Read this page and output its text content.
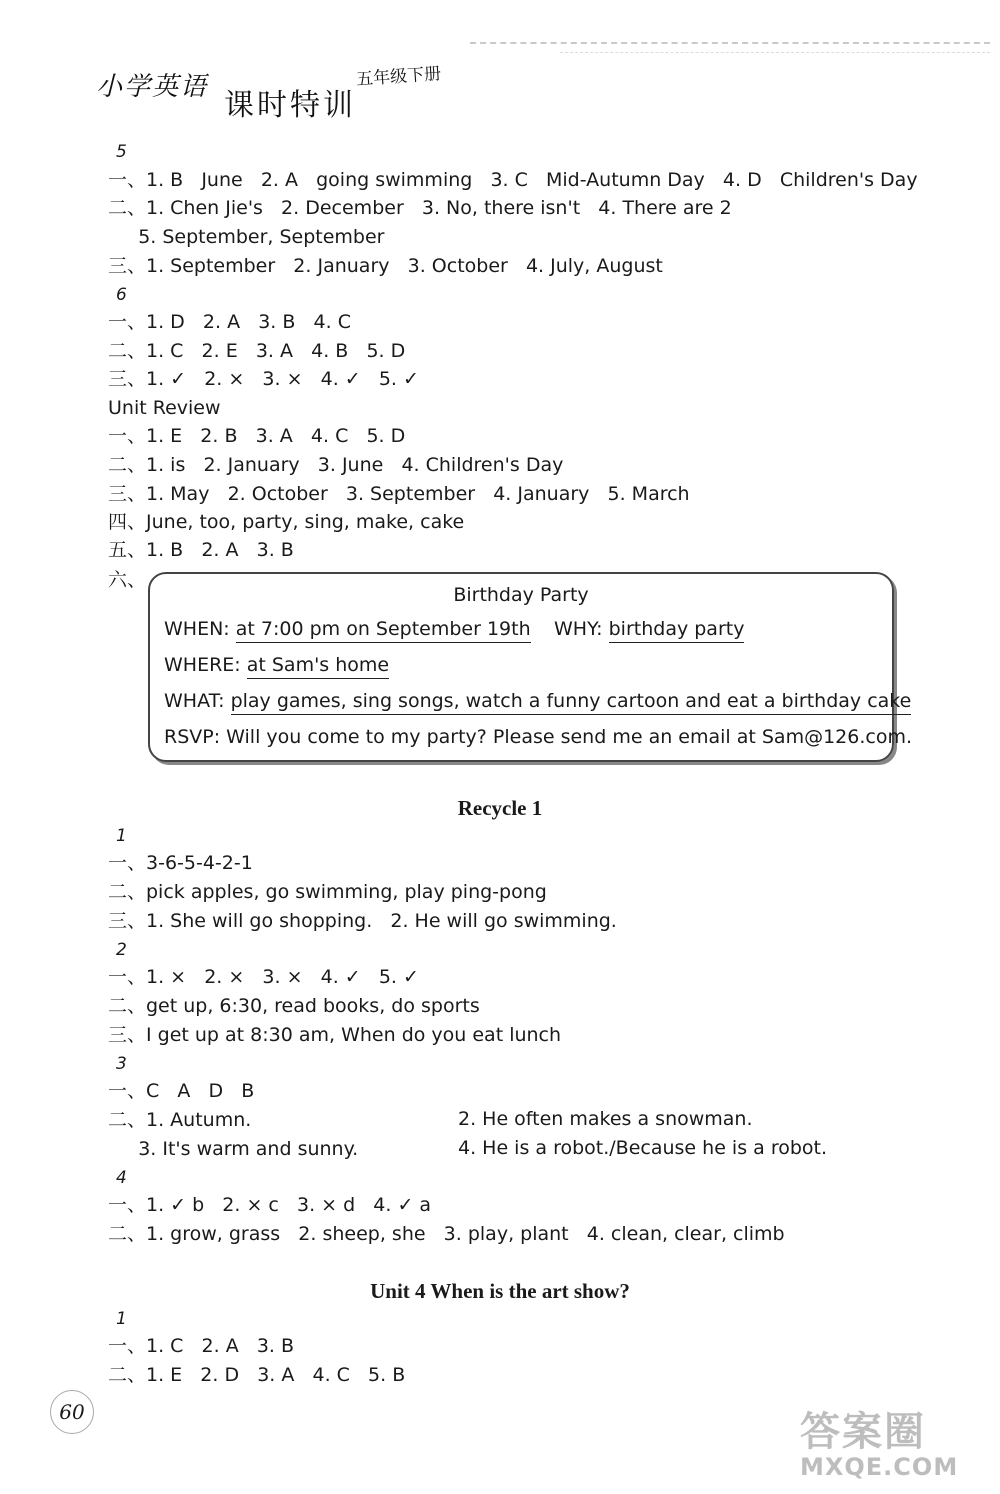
小学英语
课时特训
五年级下册
5
一、1. B   June   2. A   going swimming   3. C   Mid-Autumn Day   4. D   Children's Day
二、1. Chen Jie's   2. December   3. No, there isn't   4. There are 2
5. September, September
三、1. September   2. January   3. October   4. July, August
6
一、1. D   2. A   3. B   4. C
二、1. C   2. E   3. A   4. B   5. D
三、1. ✓   2. ×   3. ×   4. ✓   5. ✓
Unit Review
一、1. E   2. B   3. A   4. C   5. D
二、1. is   2. January   3. June   4. Children's Day
三、1. May   2. October   3. September   4. January   5. March
四、June, too, party, sing, make, cake
五、1. B   2. A   3. B
六、
Birthday Party
WHEN: at 7:00 pm on September 19th WHY: birthday party
WHERE: at Sam's home
WHAT: play games, sing songs, watch a funny cartoon and eat a birthday cake
RSVP: Will you come to my party? Please send me an email at Sam@126.com.
Recycle 1
1
一、3-6-5-4-2-1
二、pick apples, go swimming, play ping-pong
三、1. She will go shopping.   2. He will go swimming.
2
一、1. ×   2. ×   3. ×   4. ✓   5. ✓
二、get up, 6:30, read books, do sports
三、I get up at 8:30 am, When do you eat lunch
3
一、C   A   D   B
二、1. Autumn.	2. He often makes a snowman.
3. It's warm and sunny.	4. He is a robot./Because he is a robot.
4
一、1. ✓ b   2. × c   3. × d   4. ✓ a
二、1. grow, grass   2. sheep, she   3. play, plant   4. clean, clear, climb
Unit 4 When is the art show?
1
一、1. C   2. A   3. B
二、1. E   2. D   3. A   4. C   5. B
60	答案圈
MXQE.COM
